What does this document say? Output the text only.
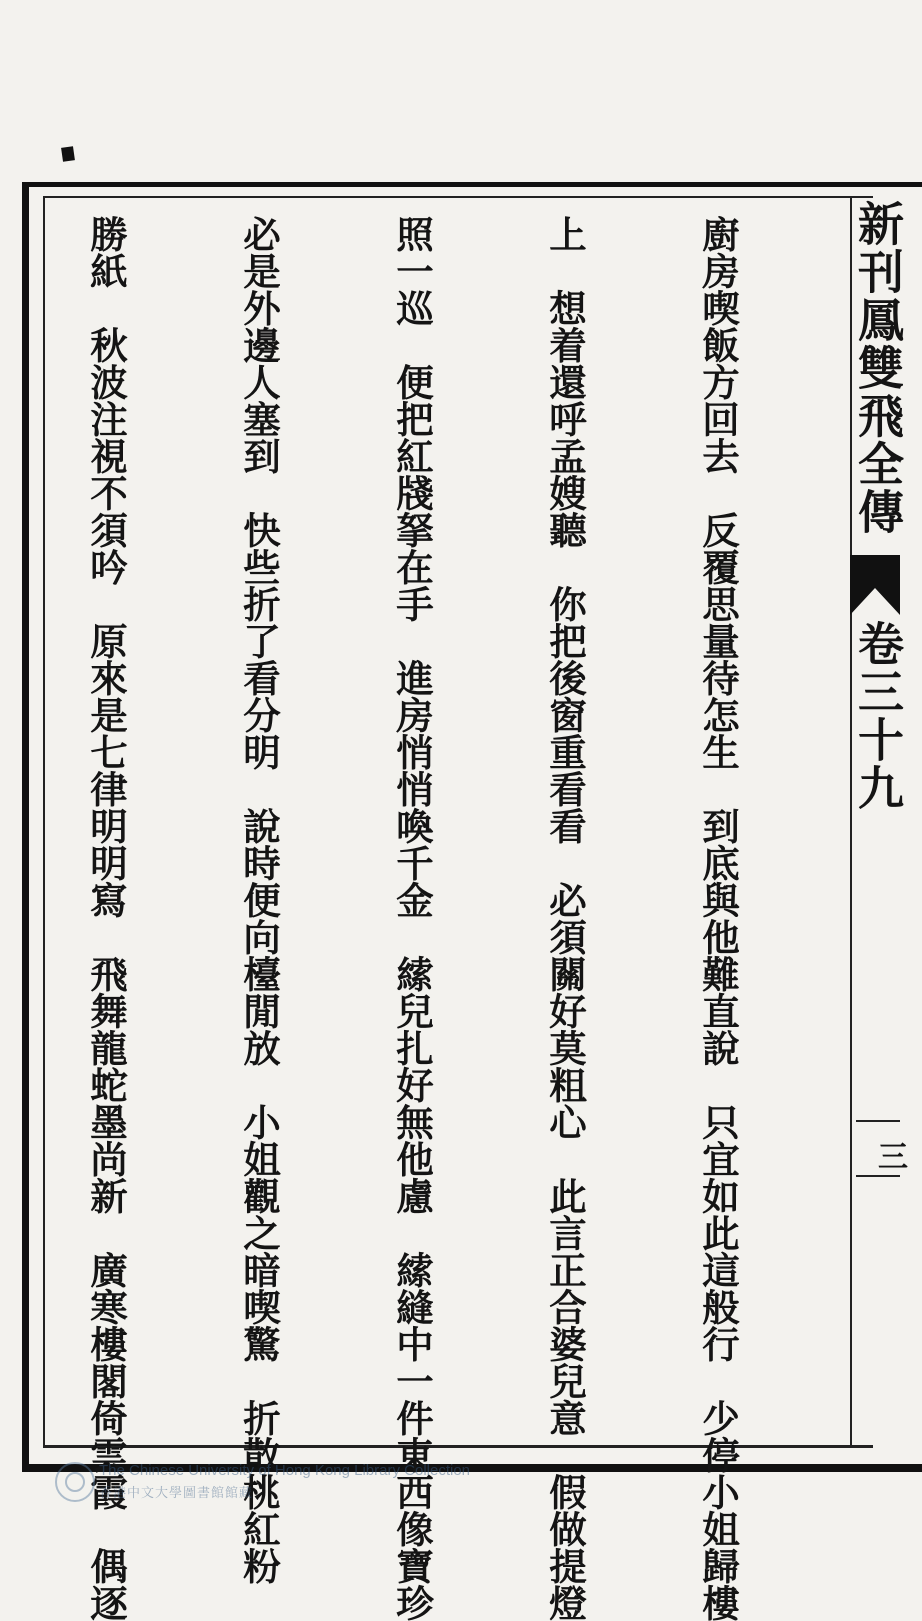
新刊鳳雙飛全傳
卷三十九
三

廚房喫飯方回去　反覆思量待怎生　到底與他難直說　只宜如此這般行　少停小姐歸樓

上　想着還呼孟嫂聽　你把後窗重看看　必須關好莫粗心　此言正合婆兒意　假做提燈

照一巡　便把紅牋拏在手　進房悄悄喚千金　䌇兒扎好無他慮　䌇縫中一件東西像寶珍

必是外邊人塞到　快些折了看分明　說時便向檯閒放　小姐觀之暗喫驚　折散桃紅粉

勝紙　秋波注視不須吟　原來是七律明明寫　飛舞龍蛇墨尚新　廣寒樓閣倚雲霞　偶逐

The Chinese University of Hong Kong Library Collection
香港中文大學圖書館館藏
